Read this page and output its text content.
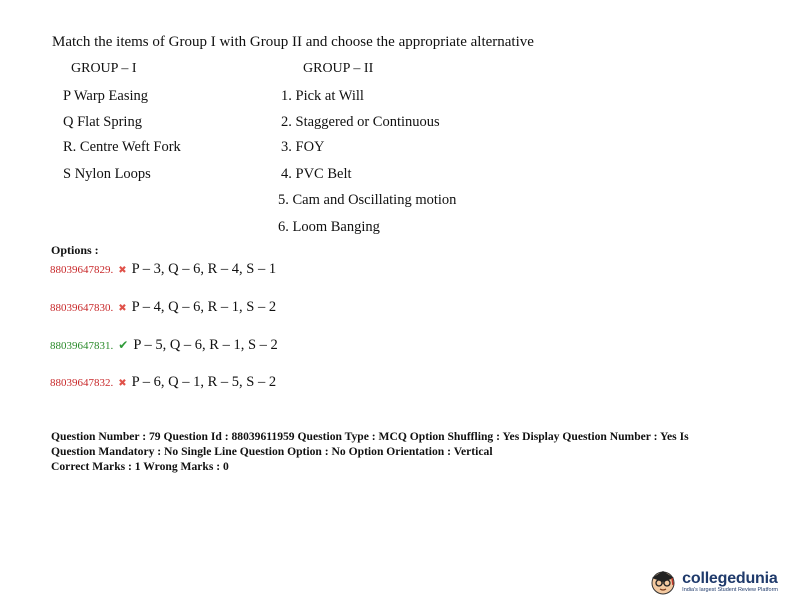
Match the items of Group I with Group II and choose the appropriate alternative
GROUP – I	GROUP – II
P Warp Easing
Q Flat Spring
R. Centre Weft Fork
S Nylon Loops
1. Pick at Will
2. Staggered or Continuous
3. FOY
4. PVC Belt
5. Cam and Oscillating motion
6. Loom Banging
Options :
88039647829. ✖ P – 3, Q – 6, R – 4, S – 1
88039647830. ✖ P – 4, Q – 6, R – 1, S – 2
88039647831. ✔ P – 5, Q – 6, R – 1, S – 2
88039647832. ✖ P – 6, Q – 1, R – 5, S – 2
Question Number : 79 Question Id : 88039611959 Question Type : MCQ Option Shuffling : Yes Display Question Number : Yes Is
Question Mandatory : No Single Line Question Option : No Option Orientation : Vertical
Correct Marks : 1 Wrong Marks : 0
collegedunia
India's largest Student Review Platform
